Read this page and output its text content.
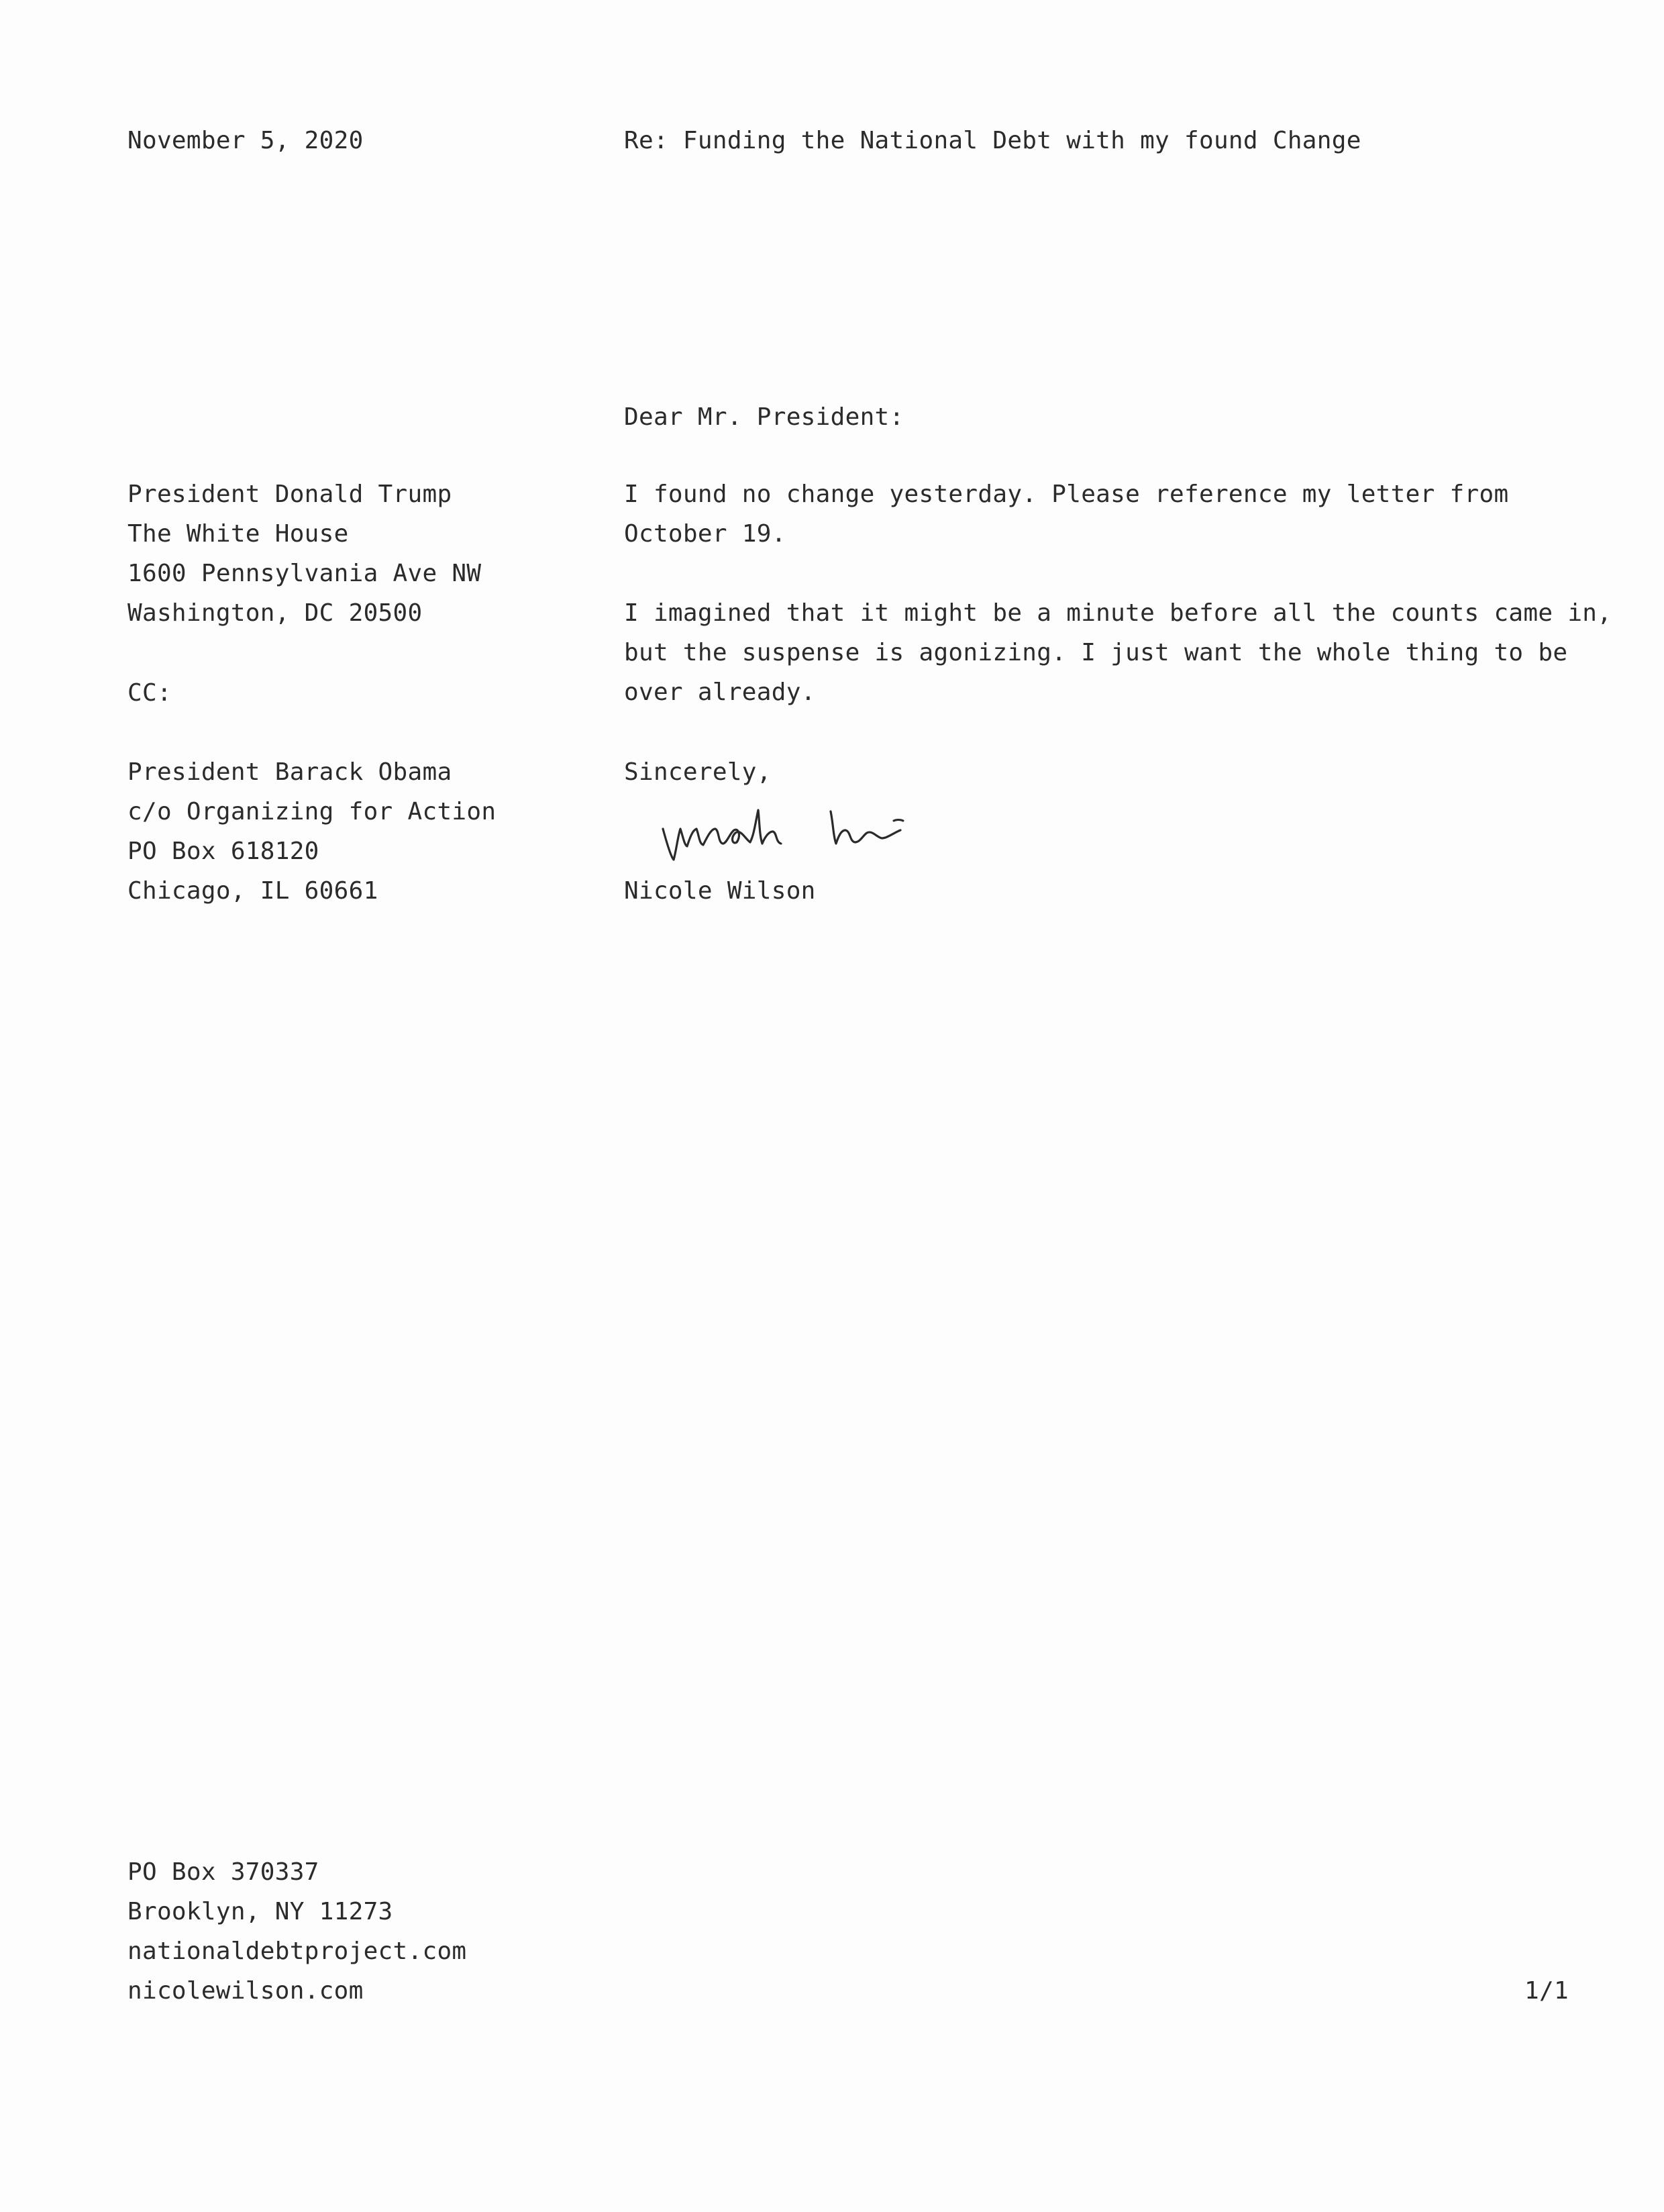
November 5, 2020	Re: Funding the National Debt with my found Change
President Donald Trump
The White House
1600 Pennsylvania Ave NW
Washington, DC 20500
CC:
President Barack Obama
c/o Organizing for Action
PO Box 618120
Chicago, IL 60661
Dear Mr. President:
I found no change yesterday. Please reference my letter from
October 19.
I imagined that it might be a minute before all the counts came in,
but the suspense is agonizing. I just want the whole thing to be
over already.
Sincerely,
Nicole Wilson
PO Box 370337
Brooklyn, NY 11273
nationaldebtproject.com
nicolewilson.com	1/1
